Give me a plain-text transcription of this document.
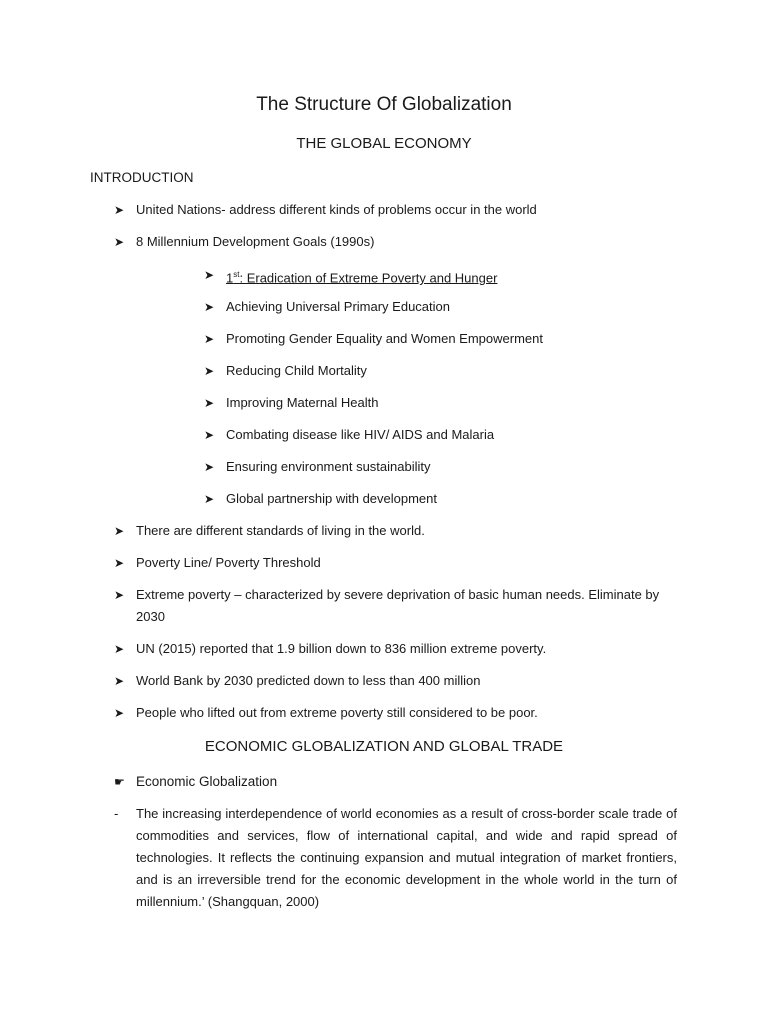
The Structure Of Globalization
THE GLOBAL ECONOMY
INTRODUCTION
➤ United Nations- address different kinds of problems occur in the world
➤ 8 Millennium Development Goals (1990s)
➤ 1st: Eradication of Extreme Poverty and Hunger
➤ Achieving Universal Primary Education
➤ Promoting Gender Equality and Women Empowerment
➤ Reducing Child Mortality
➤ Improving Maternal Health
➤ Combating disease like HIV/ AIDS and Malaria
➤ Ensuring environment sustainability
➤ Global partnership with development
➤ There are different standards of living in the world.
➤ Poverty Line/ Poverty Threshold
➤ Extreme poverty – characterized by severe deprivation of basic human needs. Eliminate by 2030
➤ UN (2015) reported that 1.9 billion down to 836 million extreme poverty.
➤ World Bank by 2030 predicted down to less than 400 million
➤ People who lifted out from extreme poverty still considered to be poor.
ECONOMIC GLOBALIZATION AND GLOBAL TRADE
☛ Economic Globalization
- The increasing interdependence of world economies as a result of cross-border scale trade of commodities and services, flow of international capital, and wide and rapid spread of technologies. It reflects the continuing expansion and mutual integration of market frontiers, and is an irreversible trend for the economic development in the whole world in the turn of millennium.’ (Shangquan, 2000)
